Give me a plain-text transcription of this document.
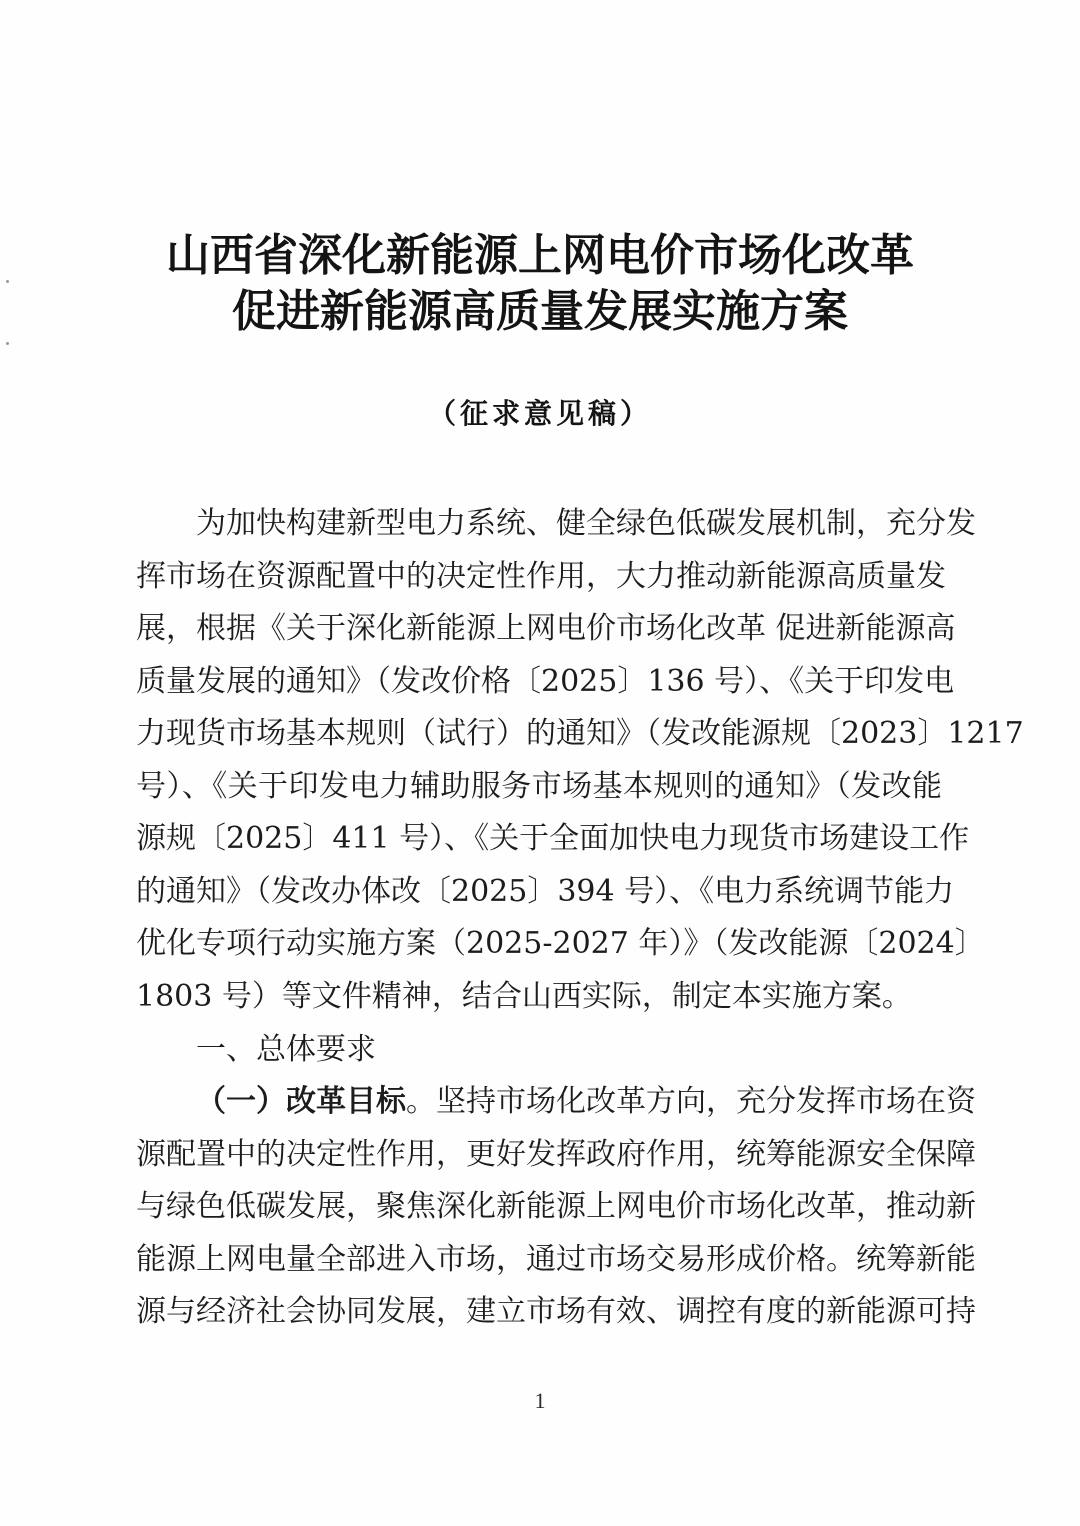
山西省深化新能源上网电价市场化改革
促进新能源高质量发展实施方案
（征求意见稿）
为加快构建新型电力系统、健全绿色低碳发展机制，充分发
挥市场在资源配置中的决定性作用，大力推动新能源高质量发
展，根据《关于深化新能源上网电价市场化改革 促进新能源高
质量发展的通知》（发改价格〔2025〕136 号）、《关于印发电
力现货市场基本规则（试行）的通知》（发改能源规〔2023〕1217
号）、《关于印发电力辅助服务市场基本规则的通知》（发改能
源规〔2025〕411 号）、《关于全面加快电力现货市场建设工作
的通知》（发改办体改〔2025〕394 号）、《电力系统调节能力
优化专项行动实施方案（2025-2027 年）》（发改能源〔2024〕
1803 号）等文件精神，结合山西实际，制定本实施方案。
一、总体要求
（一）改革目标。坚持市场化改革方向，充分发挥市场在资
源配置中的决定性作用，更好发挥政府作用，统筹能源安全保障
与绿色低碳发展，聚焦深化新能源上网电价市场化改革，推动新
能源上网电量全部进入市场，通过市场交易形成价格。统筹新能
源与经济社会协同发展，建立市场有效、调控有度的新能源可持
1
